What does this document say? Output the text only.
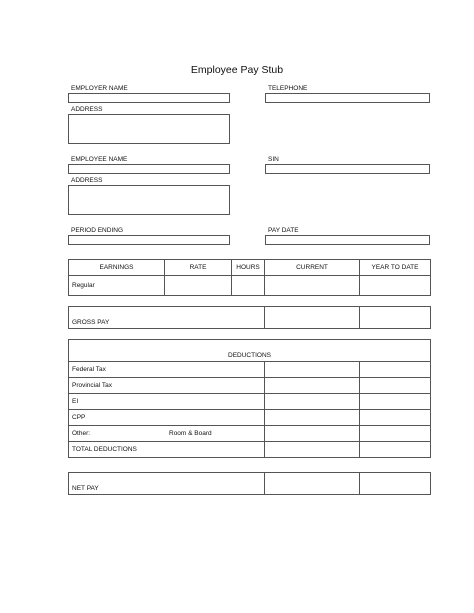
Employee Pay Stub
EMPLOYER NAME	TELEPHONE
ADDRESS
EMPLOYEE NAME	SIN
ADDRESS
PERIOD ENDING	PAY DATE
EARNINGS	RATE	HOURS	CURRENT	YEAR TO DATE
Regular				
GROSS PAY		
DEDUCTIONS		
Federal Tax		
Provincial Tax		
EI		
CPP		
Other: Room & Board		

TOTAL DEDUCTIONS		
NET PAY		
